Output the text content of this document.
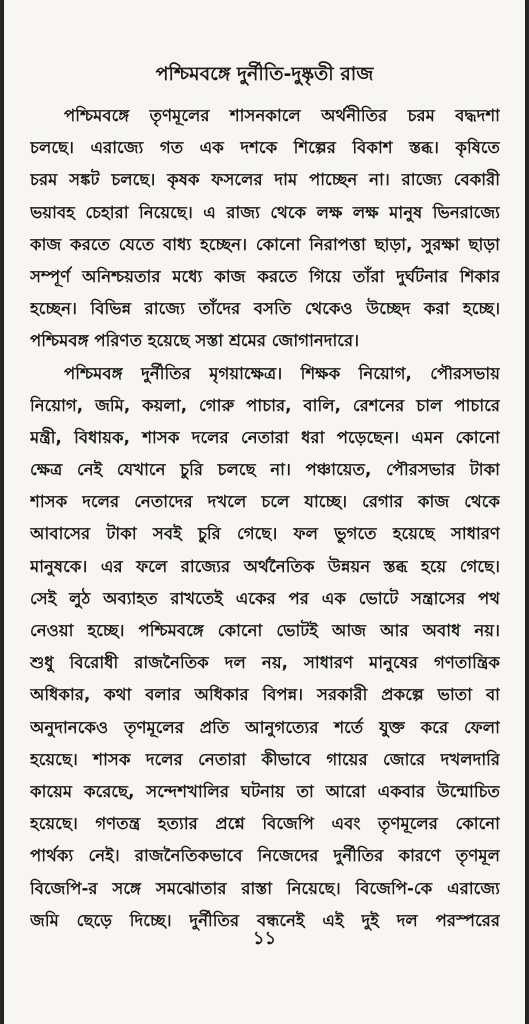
পশ্চিমবঙ্গে দুর্নীতি-দুষ্কৃতী রাজ
পশ্চিমবঙ্গে তৃণমূলের শাসনকালে অর্থনীতির চরম বদ্ধদশা
চলছে। এরাজ্যে গত এক দশকে শিল্পের বিকাশ স্তব্ধ। কৃষিতে
চরম সঙ্কট চলছে। কৃষক ফসলের দাম পাচ্ছেন না। রাজ্যে বেকারী
ভয়াবহ চেহারা নিয়েছে। এ রাজ্য থেকে লক্ষ লক্ষ মানুষ ভিনরাজ্যে
কাজ করতে যেতে বাধ্য হচ্ছেন। কোনো নিরাপত্তা ছাড়া, সুরক্ষা ছাড়া
সম্পূর্ণ অনিশ্চয়তার মধ্যে কাজ করতে গিয়ে তাঁরা দুর্ঘটনার শিকার
হচ্ছেন। বিভিন্ন রাজ্যে তাঁদের বসতি থেকেও উচ্ছেদ করা হচ্ছে।
পশ্চিমবঙ্গ পরিণত হয়েছে সস্তা শ্রমের জোগানদারে।
পশ্চিমবঙ্গ দুর্নীতির মৃগয়াক্ষেত্র। শিক্ষক নিয়োগ, পৌরসভায়
নিয়োগ, জমি, কয়লা, গোরু পাচার, বালি, রেশনের চাল পাচারে
মন্ত্রী, বিধায়ক, শাসক দলের নেতারা ধরা পড়েছেন। এমন কোনো
ক্ষেত্র নেই যেখানে চুরি চলছে না। পঞ্চায়েত, পৌরসভার টাকা
শাসক দলের নেতাদের দখলে চলে যাচ্ছে। রেগার কাজ থেকে
আবাসের টাকা সবই চুরি গেছে। ফল ভুগতে হয়েছে সাধারণ
মানুষকে। এর ফলে রাজ্যের অর্থনৈতিক উন্নয়ন স্তব্ধ হয়ে গেছে।
সেই লুঠ অব্যাহত রাখতেই একের পর এক ভোটে সন্ত্রাসের পথ
নেওয়া হচ্ছে। পশ্চিমবঙ্গে কোনো ভোটই আজ আর অবাধ নয়।
শুধু বিরোধী রাজনৈতিক দল নয়, সাধারণ মানুষের গণতান্ত্রিক
অধিকার, কথা বলার অধিকার বিপন্ন। সরকারী প্রকল্পে ভাতা বা
অনুদানকেও তৃণমূলের প্রতি আনুগত্যের শর্তে যুক্ত করে ফেলা
হয়েছে। শাসক দলের নেতারা কীভাবে গায়ের জোরে দখলদারি
কায়েম করেছে, সন্দেশখালির ঘটনায় তা আরো একবার উন্মোচিত
হয়েছে। গণতন্ত্র হত্যার প্রশ্নে বিজেপি এবং তৃণমূলের কোনো
পার্থক্য নেই। রাজনৈতিকভাবে নিজেদের দুর্নীতির কারণে তৃণমূল
বিজেপি-র সঙ্গে সমঝোতার রাস্তা নিয়েছে। বিজেপি-কে এরাজ্যে
জমি ছেড়ে দিচ্ছে। দুর্নীতির বন্ধনেই এই দুই দল পরস্পরের
১১
